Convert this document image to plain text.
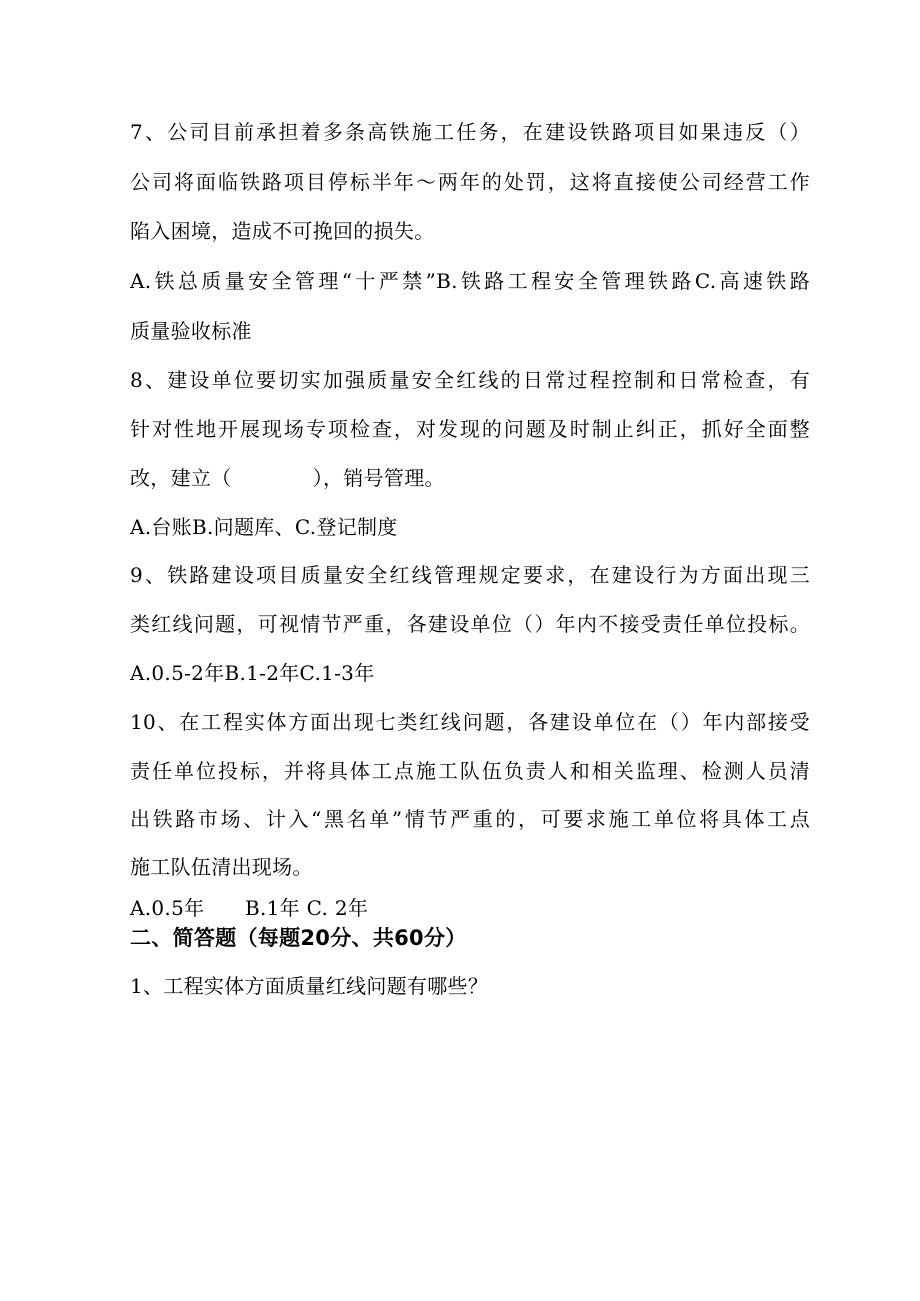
7、公司目前承担着多条高铁施工任务，在建设铁路项目如果违反（）
公司将面临铁路项目停标半年～两年的处罚，这将直接使公司经营工作
陷入困境，造成不可挽回的损失。
A.铁总质量安全管理“十严禁”B.铁路工程安全管理铁路C.高速铁路
质量验收标准
8、建设单位要切实加强质量安全红线的日常过程控制和日常检查，有
针对性地开展现场专项检查，对发现的问题及时制止纠正，抓好全面整
改，建立（　　　　），销号管理。
A.台账B.问题库、C.登记制度
9、铁路建设项目质量安全红线管理规定要求，在建设行为方面出现三
类红线问题，可视情节严重，各建设单位（）年内不接受责任单位投标。
A.0.5-2年B.1-2年C.1-3年
10、在工程实体方面出现七类红线问题，各建设单位在（）年内部接受
责任单位投标，并将具体工点施工队伍负责人和相关监理、检测人员清
出铁路市场、计入“黑名单”情节严重的，可要求施工单位将具体工点
施工队伍清出现场。
A.0.5年　　B.1年 C. 2年
二、简答题（每题20分、共60分）
1、工程实体方面质量红线问题有哪些？
